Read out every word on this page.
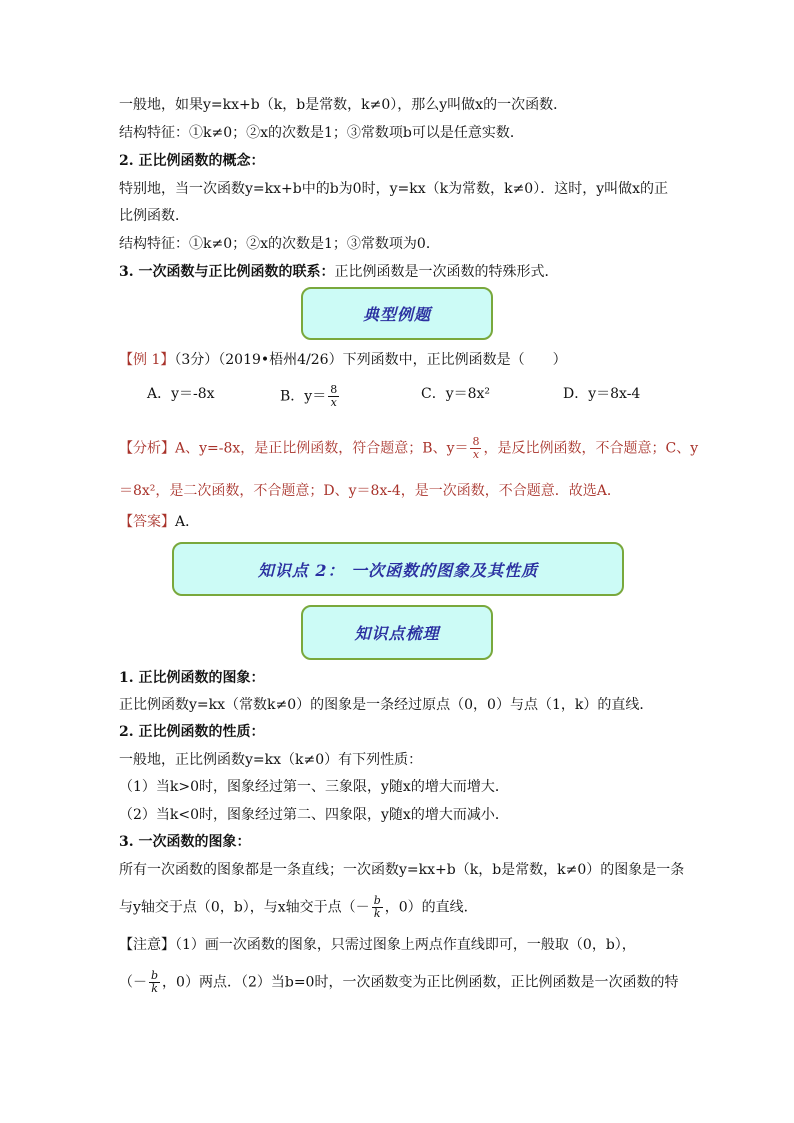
一般地，如果y=kx+b（k，b是常数，k≠0），那么y叫做x的一次函数．
结构特征：①k≠0；②x的次数是1；③常数项b可以是任意实数．
2. 正比例函数的概念：
特别地，当一次函数y=kx+b中的b为0时，y=kx（k为常数，k≠0）．这时，y叫做x的正
比例函数．
结构特征：①k≠0；②x的次数是1；③常数项为0．
3. 一次函数与正比例函数的联系：正比例函数是一次函数的特殊形式．
典型例题
【例 1】（3分）（2019•梧州4/26）下列函数中，正比例函数是（　　）
A．y＝-8x	B．$y= \frac{8}{x}$	C．y＝8x²	D．y＝8x-4
【分析】A、y=-8x，是正比例函数，符合题意；B、$y= \frac{8}{x}$ ，是反比例函数，不合题意；C、y
＝8x²，是二次函数，不合题意；D、y＝8x-4，是一次函数，不合题意．故选A．
【答案】A．
知识点 2： 一次函数的图象及其性质
知识点梳理
1. 正比例函数的图象：
正比例函数y=kx（常数k≠0）的图象是一条经过原点（0，0）与点（1，k）的直线．
2. 正比例函数的性质：
一般地，正比例函数y=kx（k≠0）有下列性质：
（1）当k>0时，图象经过第一、三象限，y随x的增大而增大．
（2）当k<0时，图象经过第二、四象限，y随x的增大而减小．
3. 一次函数的图象：
所有一次函数的图象都是一条直线；一次函数y=kx+b（k，b是常数，k≠0）的图象是一条
与y轴交于点（0，b），与x轴交于点（－ $\frac{b}{k}$ ，0）的直线．
【注意】（1）画一次函数的图象，只需过图象上两点作直线即可，一般取（0，b），
（－ $\frac{b}{k}$ ，0）两点．（2）当b=0时，一次函数变为正比例函数，正比例函数是一次函数的特
